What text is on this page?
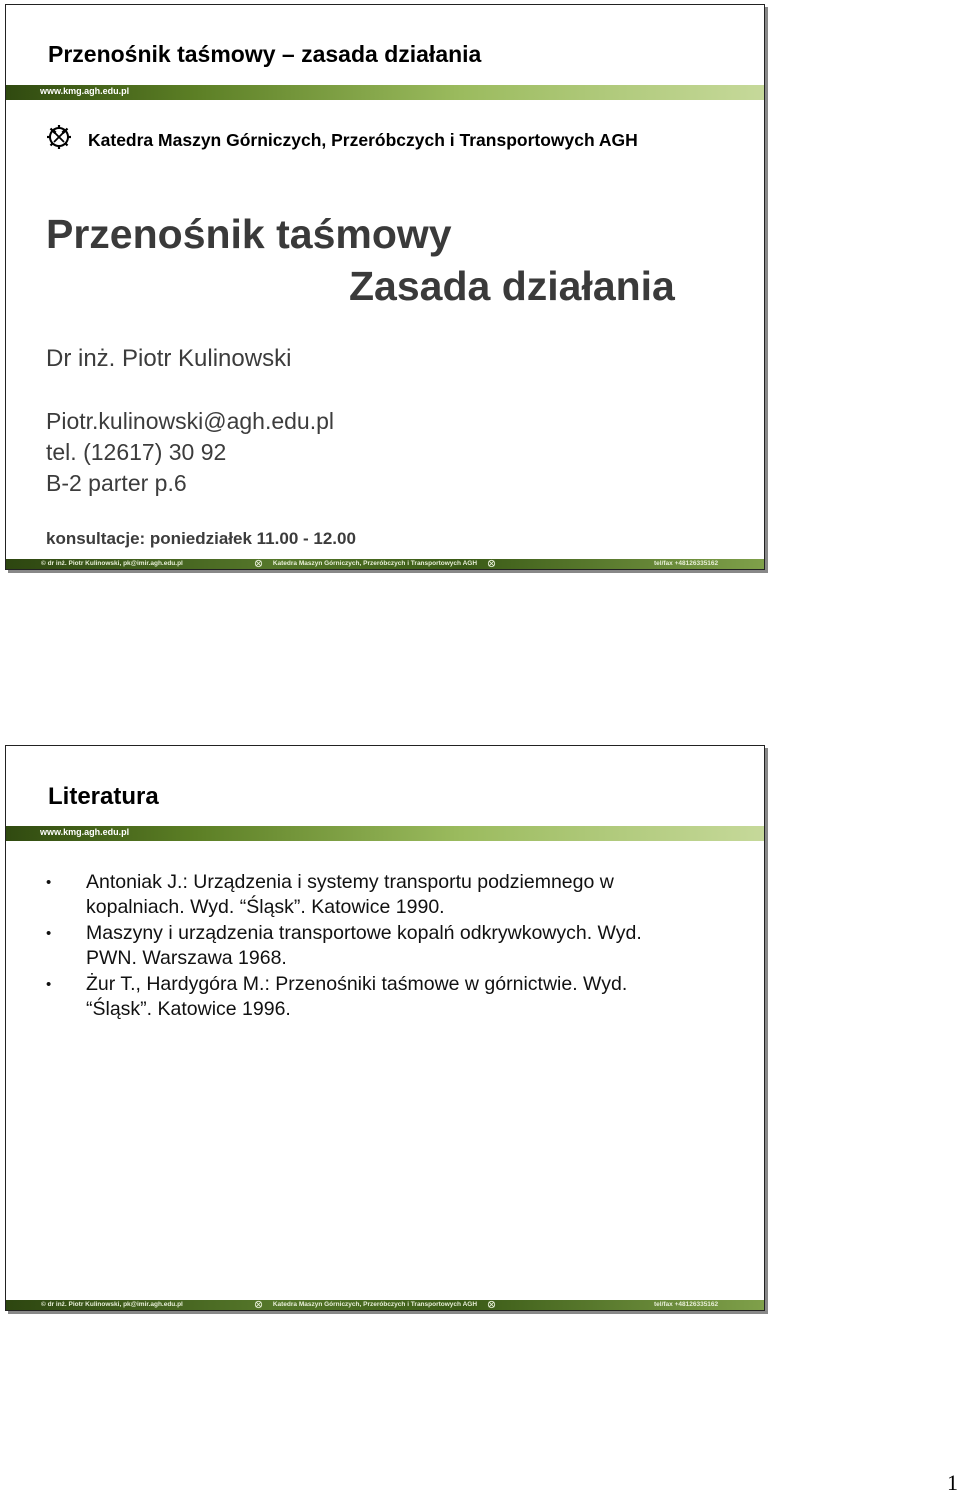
Przenośnik taśmowy – zasada działania
www.kmg.agh.edu.pl
Katedra Maszyn Górniczych, Przeróbczych i Transportowych AGH
Przenośnik taśmowy
Zasada działania
Dr inż. Piotr Kulinowski
Piotr.kulinowski@agh.edu.pl
tel. (12617) 30 92
B-2 parter p.6
konsultacje: poniedziałek 11.00 - 12.00
© dr inż. Piotr Kulinowski, pk@imir.agh.edu.pl	Katedra Maszyn Górniczych, Przeróbczych i Transportowych AGH	tel/fax +48126335162
Literatura
www.kmg.agh.edu.pl
• Antoniak J.: Urządzenia i systemy transportu podziemnego w kopalniach. Wyd. “Śląsk”. Katowice 1990.
• Maszyny i urządzenia transportowe kopalń odkrywkowych. Wyd. PWN. Warszawa 1968.
• Żur T., Hardygóra M.: Przenośniki taśmowe w górnictwie. Wyd. “Śląsk”. Katowice 1996.
© dr inż. Piotr Kulinowski, pk@imir.agh.edu.pl	Katedra Maszyn Górniczych, Przeróbczych i Transportowych AGH	tel/fax +48126335162
1
